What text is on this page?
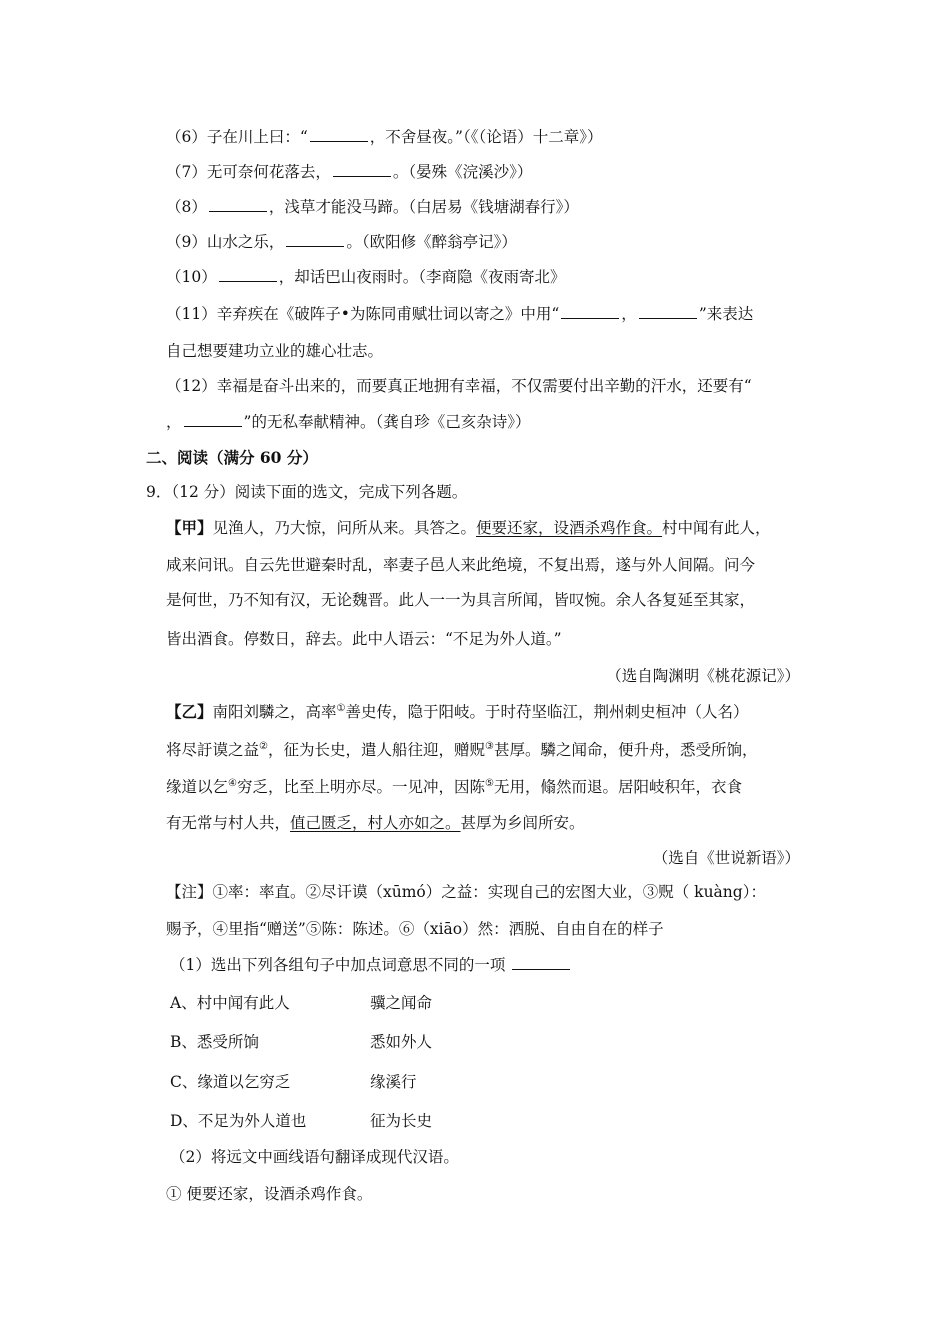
（6）子在川上曰：“	，不舍昼夜。”（《（论语）十二章》）
（7）无可奈何花落去，	。（晏殊《浣溪沙》）
（8）	，浅草才能没马蹄。（白居易《钱塘湖春行》）
（9）山水之乐，	。（欧阳修《醉翁亭记》）
（10）	，却话巴山夜雨时。（李商隐《夜雨寄北》
（11）辛弃疾在《破阵子•为陈同甫赋壮词以寄之》中用“	，	”来表达
自己想要建功立业的雄心壮志。
（12）幸福是奋斗出来的，而要真正地拥有幸福，不仅需要付出辛勤的汗水，还要有“
，	”的无私奉献精神。（龚自珍《己亥杂诗》）
二、阅读（满分 60 分）
9．（12 分）阅读下面的选文，完成下列各题。
【甲】见渔人，乃大惊，问所从来。具答之。便要还家，设酒杀鸡作食。村中闻有此人，
咸来问讯。自云先世避秦时乱，率妻子邑人来此绝境，不复出焉，遂与外人间隔。问今
是何世，乃不知有汉，无论魏晋。此人一一为具言所闻，皆叹惋。余人各复延至其家，
皆出酒食。停数日，辞去。此中人语云：“不足为外人道。”
（选自陶渊明《桃花源记》）
【乙】南阳刘驎之，高率①善史传，隐于阳岐。于时苻坚临江，荆州刺史桓冲（人名）
将尽訏谟之益②，征为长史，遣人船往迎，赠贶③甚厚。驎之闻命，便升舟，悉受所饷，
缘道以乞④穷乏，比至上明亦尽。一见冲，因陈⑤无用，翛然而退。居阳岐积年，衣食
有无常与村人共，值己匮乏，村人亦如之。甚厚为乡闾所安。
（选自《世说新语》）
【注】①率：率直。②尽讦谟（xūmó）之益：实现自己的宏图大业，③贶（ kuàng）：
赐予，④里指“赠送”⑤陈：陈述。⑥（xiāo）然：洒脱、自由自在的样子
（1）选出下列各组句子中加点词意思不同的一项
A、村中闻有此人	骥之闻命
B、悉受所饷	悉如外人
C、缘道以乞穷乏	缘溪行
D、不足为外人道也	征为长史
（2）将远文中画线语句翻译成现代汉语。
① 便要还家，设酒杀鸡作食。
